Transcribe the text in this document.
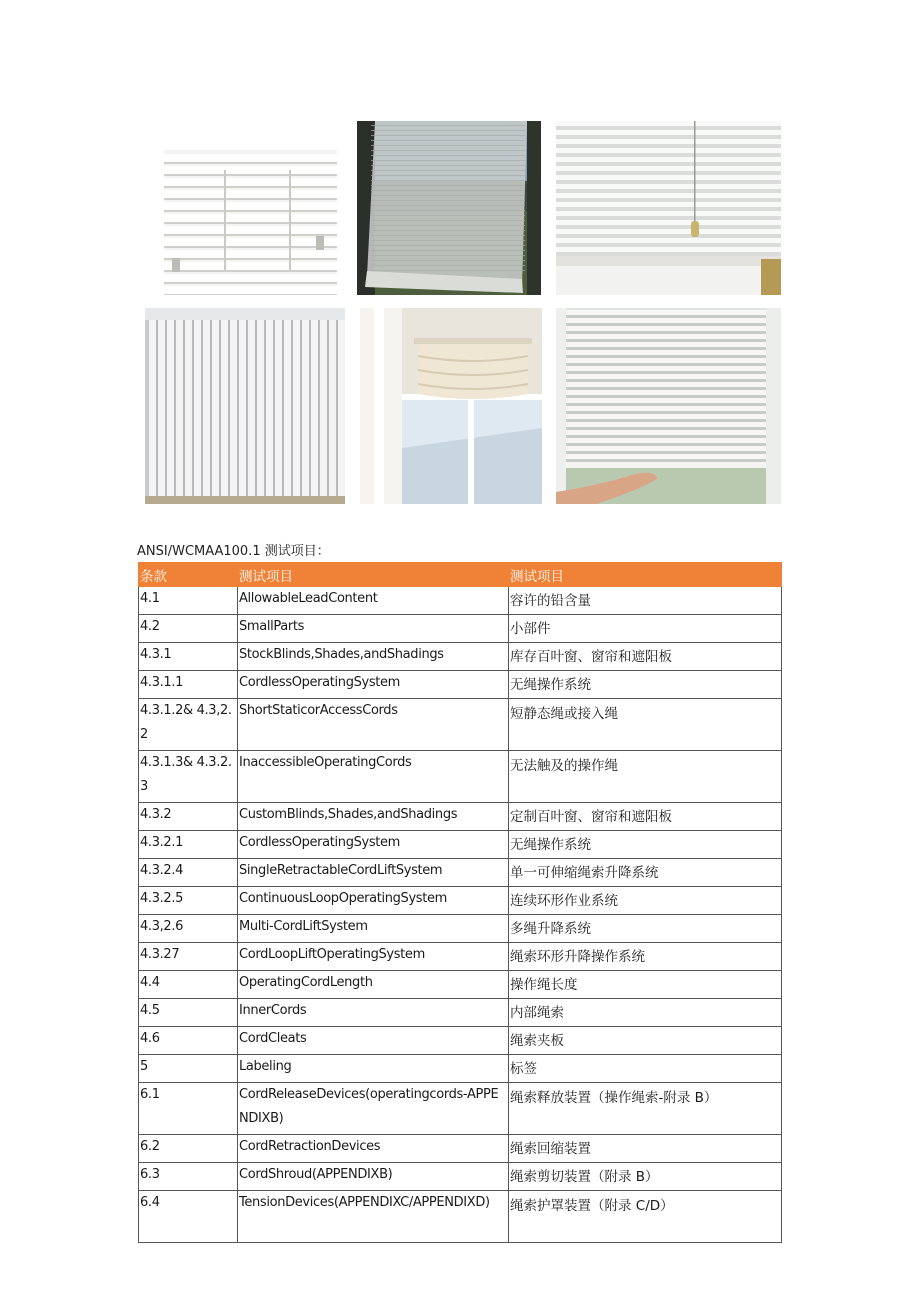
ANSI/WCMAA100.1 测试项目：
条款	测试项目	测试项目
4.1	AllowableLeadContent	容许的铅含量
4.2	SmallParts	小部件
4.3.1	StockBlinds,Shades,andShadings	库存百叶窗、窗帘和遮阳板
4.3.1.1	CordlessOperatingSystem	无绳操作系统
4.3.1.2& 4.3,2.2	ShortStaticorAccessCords	短静态绳或接入绳
4.3.1.3& 4.3.2.3	InaccessibleOperatingCords	无法触及的操作绳
4.3.2	CustomBlinds,Shades,andShadings	定制百叶窗、窗帘和遮阳板
4.3.2.1	CordlessOperatingSystem	无绳操作系统
4.3.2.4	SingleRetractableCordLiftSystem	单一可伸缩绳索升降系统
4.3.2.5	ContinuousLoopOperatingSystem	连续环形作业系统
4.3,2.6	Multi-CordLiftSystem	多绳升降系统
4.3.27	CordLoopLiftOperatingSystem	绳索环形升降操作系统
4.4	OperatingCordLength	操作绳长度
4.5	InnerCords	内部绳索
4.6	CordCleats	绳索夹板
5	Labeling	标签
6.1	CordReleaseDevices(operatingcords-APPENDIXB)	绳索释放装置（操作绳索-附录 B）
6.2	CordRetractionDevices	绳索回缩装置
6.3	CordShroud(APPENDIXB)	绳索剪切装置（附录 B）
6.4	TensionDevices(APPENDIXC/APPENDIXD)	绳索护罩装置（附录 C/D）
